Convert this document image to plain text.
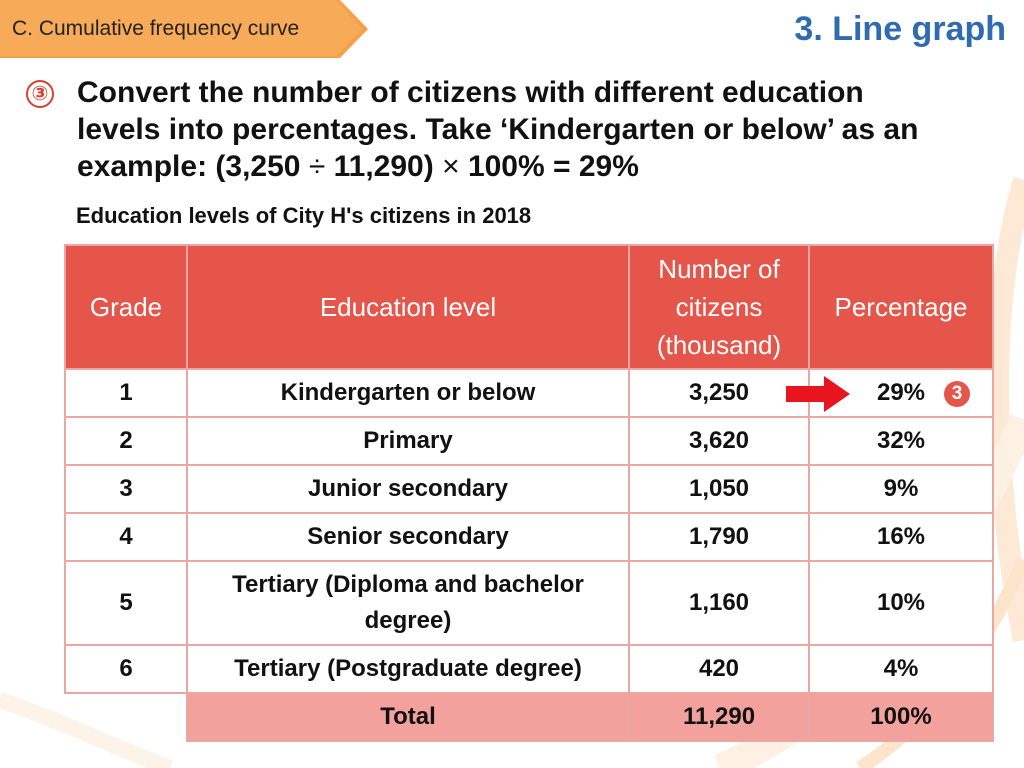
C. Cumulative frequency curve	3. Line graph
③ Convert the number of citizens with different education
levels into percentages. Take ‘Kindergarten or below’ as an
example: (3,250 ÷ 11,290) × 100% = 29%
Education levels of City H's citizens in 2018
Grade	Education level	Number of
citizens
(thousand)	Percentage
1	Kindergarten or below	3,250	29% 3

2	Primary	3,620	32%
3	Junior secondary	1,050	9%
4	Senior secondary	1,790	16%
5	Tertiary (Diploma and bachelor
degree)	1,160	10%
6	Tertiary (Postgraduate degree)	420	4%
	Total	11,290	100%
